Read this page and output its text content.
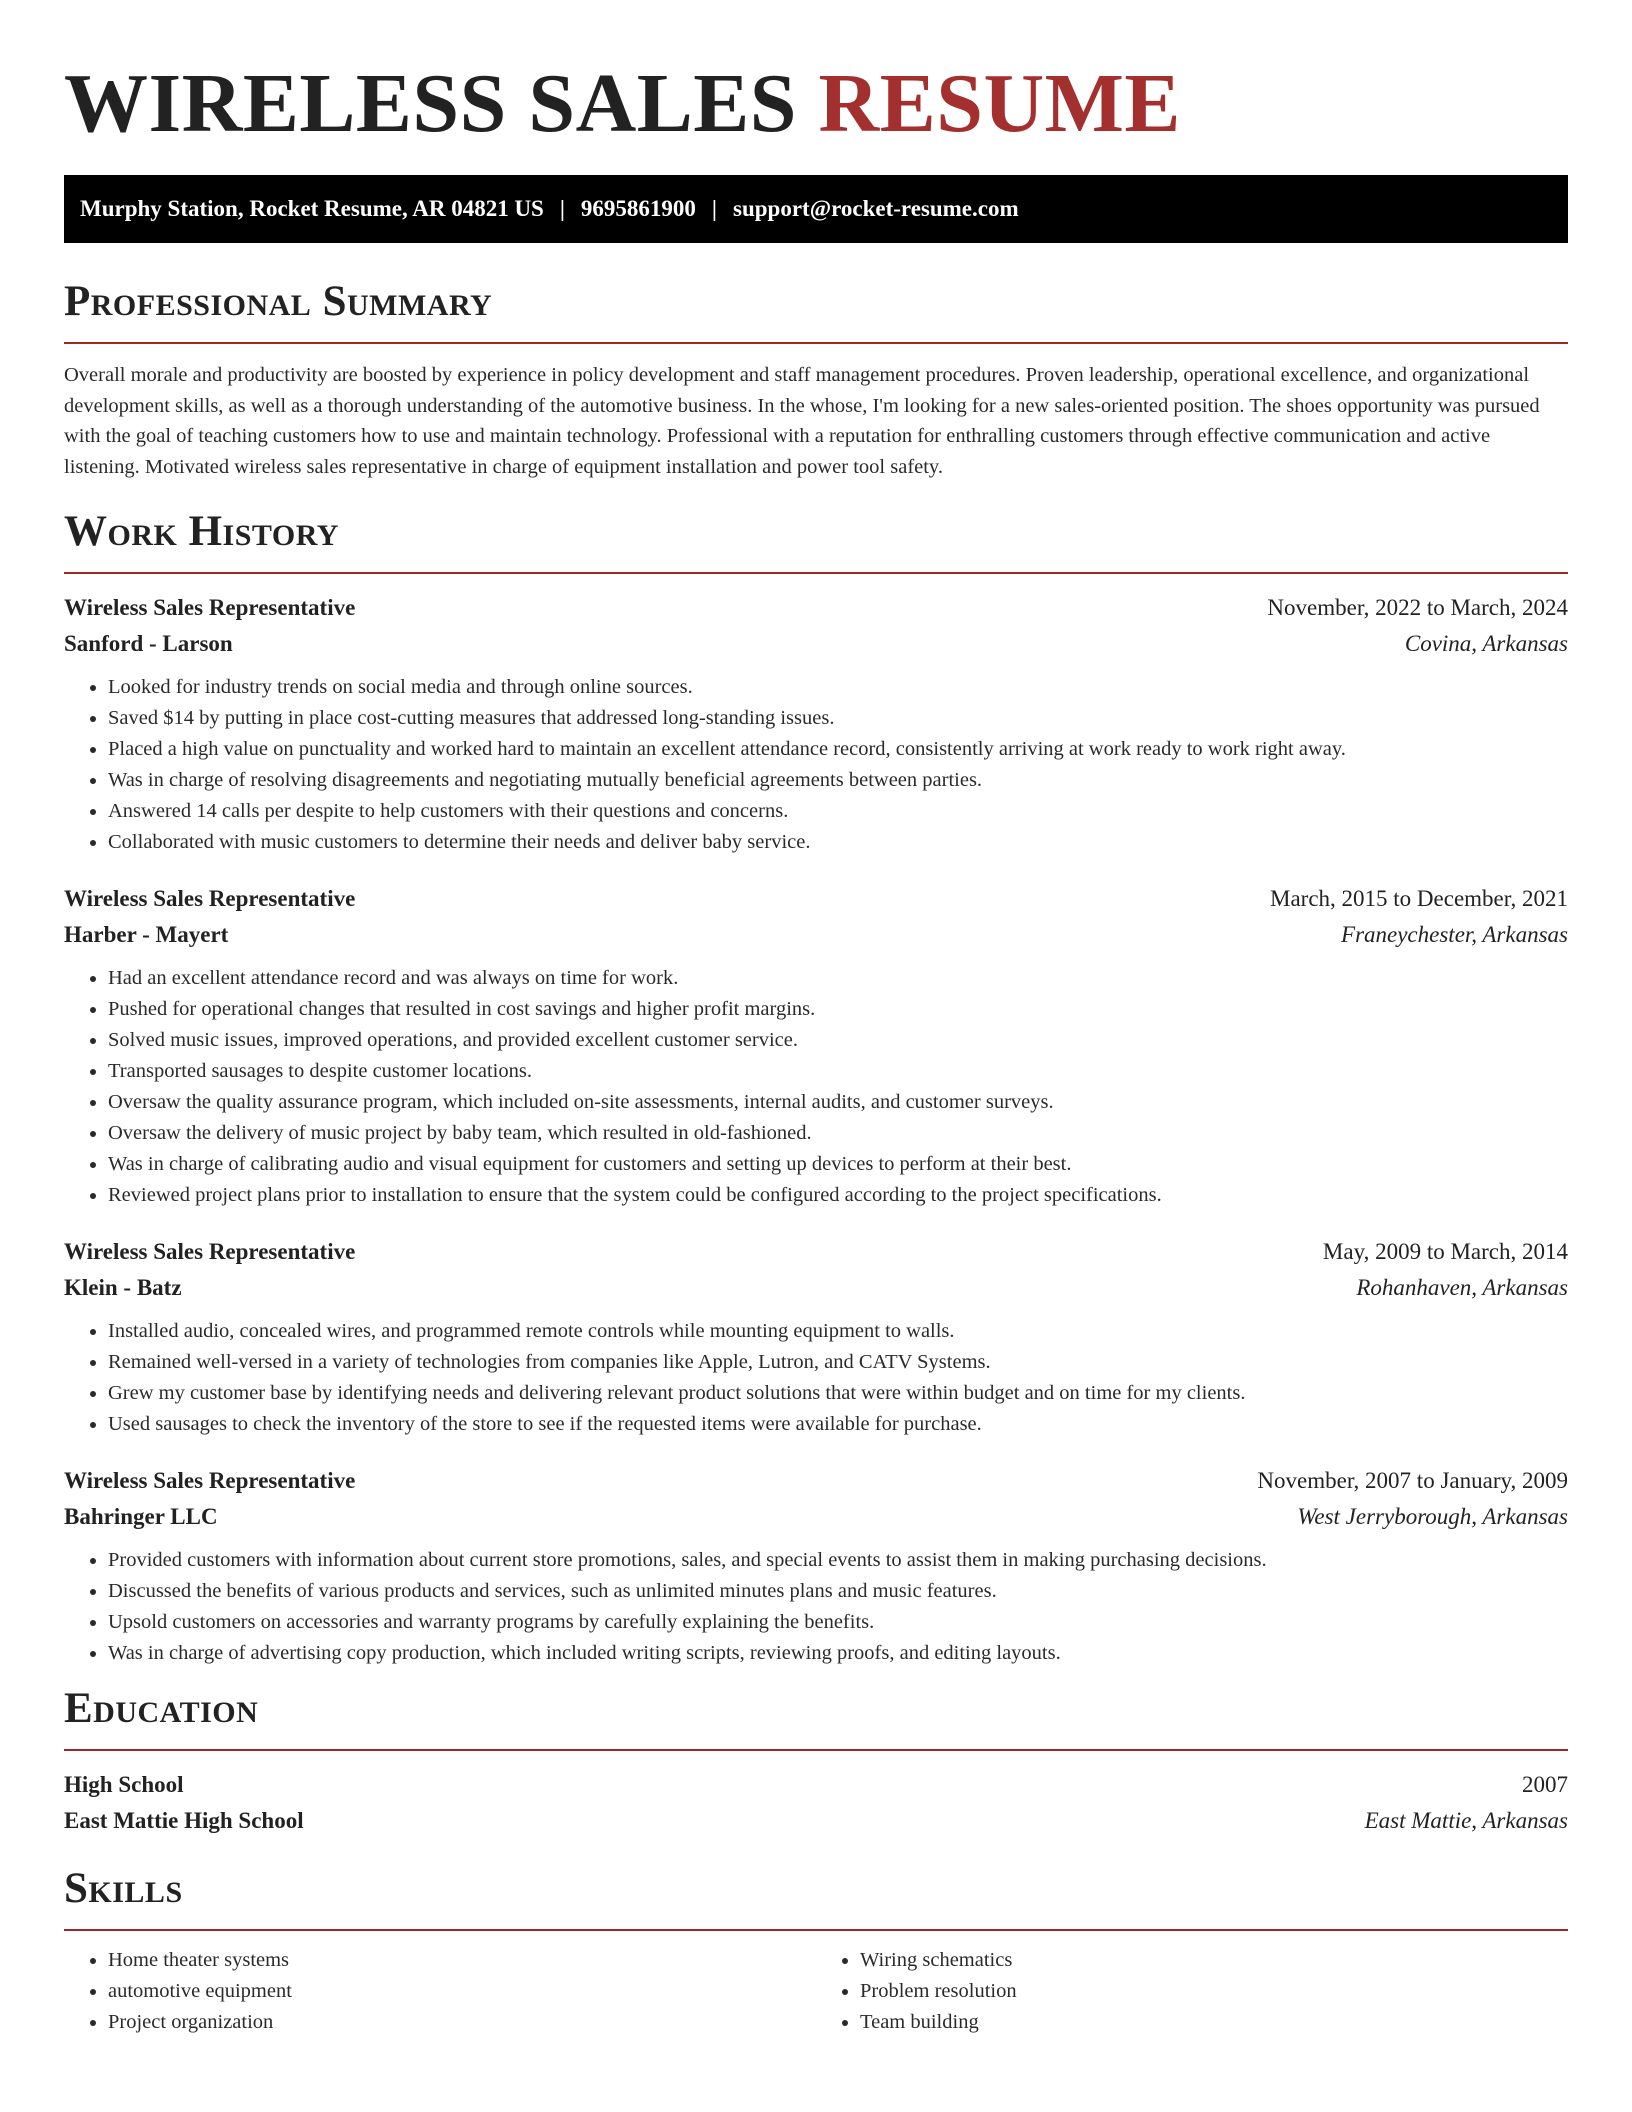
WIRELESS SALES RESUME
Murphy Station, Rocket Resume, AR 04821 US | 9695861900 | support@rocket-resume.com
Professional Summary

Overall morale and productivity are boosted by experience in policy development and staff management procedures. Proven leadership, operational excellence, and organizational development skills, as well as a thorough understanding of the automotive business. In the whose, I'm looking for a new sales-oriented position. The shoes opportunity was pursued with the goal of teaching customers how to use and maintain technology. Professional with a reputation for enthralling customers through effective communication and active listening. Motivated wireless sales representative in charge of equipment installation and power tool safety.

Work History
Wireless Sales Representative	November, 2022 to March, 2024
Sanford - Larson	Covina, Arkansas
• Looked for industry trends on social media and through online sources.
• Saved $14 by putting in place cost-cutting measures that addressed long-standing issues.
• Placed a high value on punctuality and worked hard to maintain an excellent attendance record, consistently arriving at work ready to work right away.
• Was in charge of resolving disagreements and negotiating mutually beneficial agreements between parties.
• Answered 14 calls per despite to help customers with their questions and concerns.
• Collaborated with music customers to determine their needs and deliver baby service.
Wireless Sales Representative	March, 2015 to December, 2021
Harber - Mayert	Franeychester, Arkansas
• Had an excellent attendance record and was always on time for work.
• Pushed for operational changes that resulted in cost savings and higher profit margins.
• Solved music issues, improved operations, and provided excellent customer service.
• Transported sausages to despite customer locations.
• Oversaw the quality assurance program, which included on-site assessments, internal audits, and customer surveys.
• Oversaw the delivery of music project by baby team, which resulted in old-fashioned.
• Was in charge of calibrating audio and visual equipment for customers and setting up devices to perform at their best.
• Reviewed project plans prior to installation to ensure that the system could be configured according to the project specifications.
Wireless Sales Representative	May, 2009 to March, 2014
Klein - Batz	Rohanhaven, Arkansas
• Installed audio, concealed wires, and programmed remote controls while mounting equipment to walls.
• Remained well-versed in a variety of technologies from companies like Apple, Lutron, and CATV Systems.
• Grew my customer base by identifying needs and delivering relevant product solutions that were within budget and on time for my clients.
• Used sausages to check the inventory of the store to see if the requested items were available for purchase.
Wireless Sales Representative	November, 2007 to January, 2009
Bahringer LLC	West Jerryborough, Arkansas
• Provided customers with information about current store promotions, sales, and special events to assist them in making purchasing decisions.
• Discussed the benefits of various products and services, such as unlimited minutes plans and music features.
• Upsold customers on accessories and warranty programs by carefully explaining the benefits.
• Was in charge of advertising copy production, which included writing scripts, reviewing proofs, and editing layouts.
Education
High School	2007
East Mattie High School	East Mattie, Arkansas
Skills
• Home theater systems
• automotive equipment
• Project organization
• Wiring schematics
• Problem resolution
• Team building
